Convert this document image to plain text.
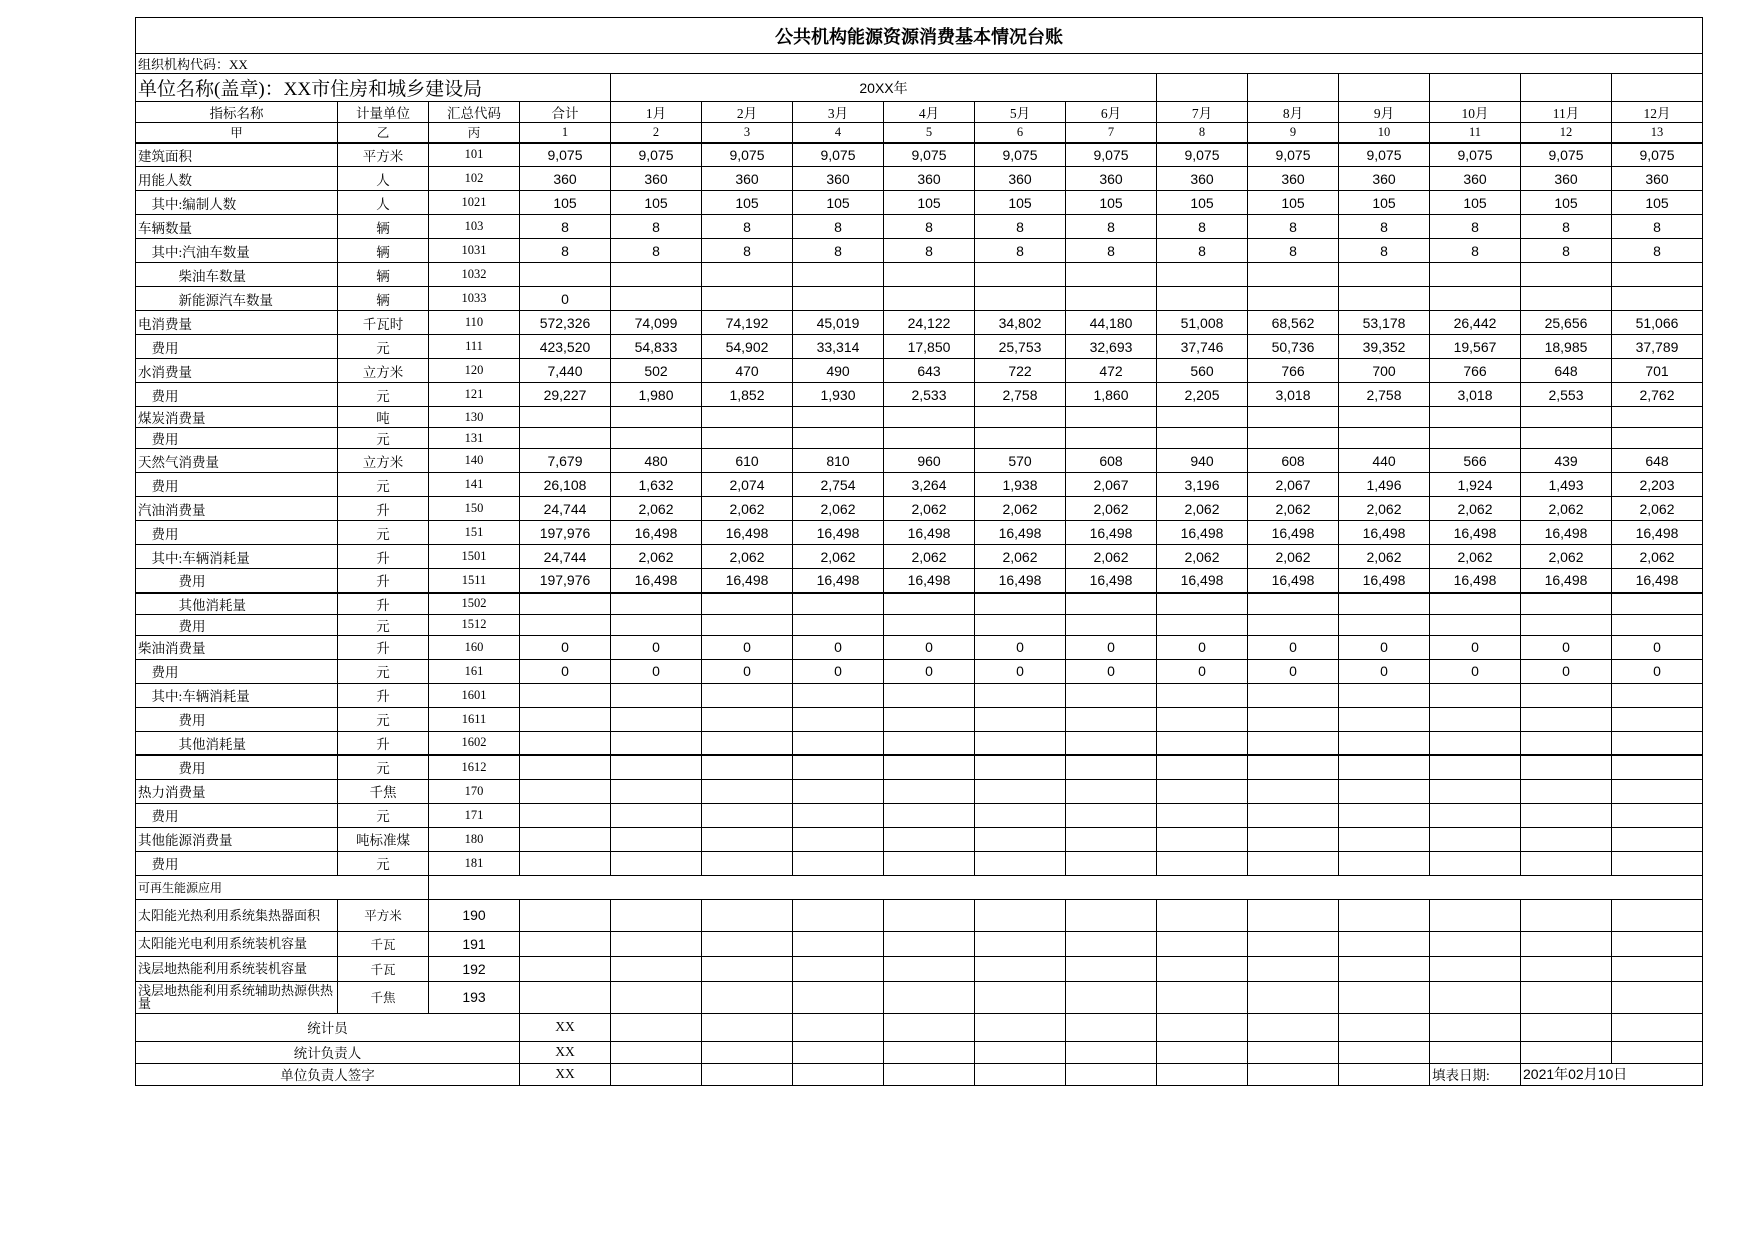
公共机构能源资源消费基本情况台账															
组织机构代码：XX															
单位名称(盖章)：XX市住房和城乡建设局				20XX年											
指标名称	计量单位	汇总代码	合计	1月	2月	3月	4月	5月	6月	7月	8月	9月	10月	11月	12月
甲	乙	丙	1	2	3	4	5	6	7	8	9	10	11	12	13
建筑面积	平方米	101	9,075	9,075	9,075	9,075	9,075	9,075	9,075	9,075	9,075	9,075	9,075	9,075	9,075
用能人数	人	102	360	360	360	360	360	360	360	360	360	360	360	360	360
　其中:编制人数	人	1021	105	105	105	105	105	105	105	105	105	105	105	105	105
车辆数量	辆	103	8	8	8	8	8	8	8	8	8	8	8	8	8
　其中:汽油车数量	辆	1031	8	8	8	8	8	8	8	8	8	8	8	8	8
　　　柴油车数量	辆	1032													
　　　新能源汽车数量	辆	1033	0												
电消费量	千瓦时	110	572,326	74,099	74,192	45,019	24,122	34,802	44,180	51,008	68,562	53,178	26,442	25,656	51,066
　费用	元	111	423,520	54,833	54,902	33,314	17,850	25,753	32,693	37,746	50,736	39,352	19,567	18,985	37,789
水消费量	立方米	120	7,440	502	470	490	643	722	472	560	766	700	766	648	701
　费用	元	121	29,227	1,980	1,852	1,930	2,533	2,758	1,860	2,205	3,018	2,758	3,018	2,553	2,762
煤炭消费量	吨	130													
　费用	元	131													
天然气消费量	立方米	140	7,679	480	610	810	960	570	608	940	608	440	566	439	648
　费用	元	141	26,108	1,632	2,074	2,754	3,264	1,938	2,067	3,196	2,067	1,496	1,924	1,493	2,203
汽油消费量	升	150	24,744	2,062	2,062	2,062	2,062	2,062	2,062	2,062	2,062	2,062	2,062	2,062	2,062
　费用	元	151	197,976	16,498	16,498	16,498	16,498	16,498	16,498	16,498	16,498	16,498	16,498	16,498	16,498
　其中:车辆消耗量	升	1501	24,744	2,062	2,062	2,062	2,062	2,062	2,062	2,062	2,062	2,062	2,062	2,062	2,062
　　　费用	升	1511	197,976	16,498	16,498	16,498	16,498	16,498	16,498	16,498	16,498	16,498	16,498	16,498	16,498
　　　其他消耗量	升	1502													
　　　费用	元	1512													
柴油消费量	升	160	0	0	0	0	0	0	0	0	0	0	0	0	0
　费用	元	161	0	0	0	0	0	0	0	0	0	0	0	0	0
　其中:车辆消耗量	升	1601													
　　　费用	元	1611													
　　　其他消耗量	升	1602													
　　　费用	元	1612													
热力消费量	千焦	170													
　费用	元	171													
其他能源消费量	吨标准煤	180													
　费用	元	181													
可再生能源应用															
太阳能光热利用系统集热器面积	平方米	190													
太阳能光电利用系统装机容量	千瓦	191													
浅层地热能利用系统装机容量	千瓦	192													
浅层地热能利用系统辅助热源供热量	千焦	193													
统计员			XX												
统计负责人			XX												
单位负责人签字			XX										填表日期:	2021年02月10日	
